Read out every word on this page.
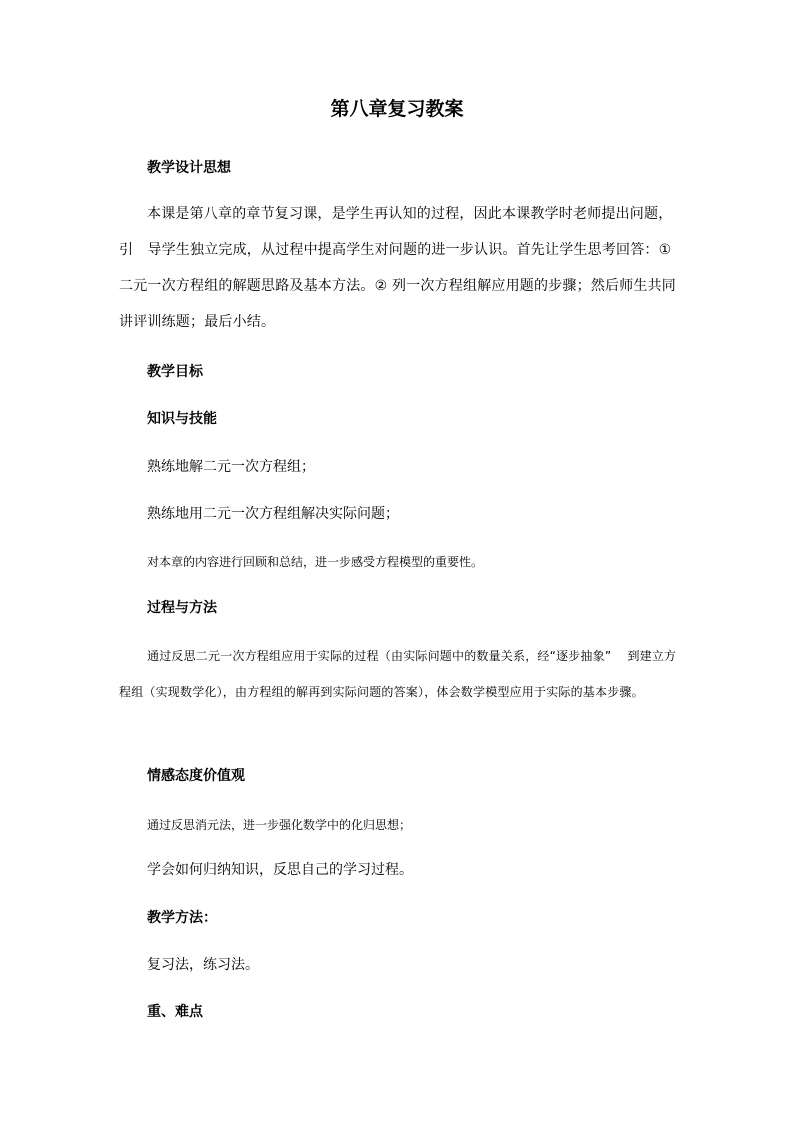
第八章复习教案
教学设计思想
本课是第八章的章节复习课，是学生再认知的过程，因此本课教学时老师提出问题，引　导学生独立完成，从过程中提高学生对问题的进一步认识。首先让学生思考回答：① 二元一次方程组的解题思路及基本方法。② 列一次方程组解应用题的步骤；然后师生共同讲评训练题；最后小结。
教学目标
知识与技能
熟练地解二元一次方程组；
熟练地用二元一次方程组解决实际问题；
对本章的内容进行回顾和总结，进一步感受方程模型的重要性。
过程与方法
通过反思二元一次方程组应用于实际的过程（由实际问题中的数量关系，经“逐步抽象”　 到建立方程组（实现数学化），由方程组的解再到实际问题的答案），体会数学模型应用于实际的基本步骤。
情感态度价值观
通过反思消元法，进一步强化数学中的化归思想；
学会如何归纳知识，反思自己的学习过程。
教学方法：
复习法，练习法。
重、难点
